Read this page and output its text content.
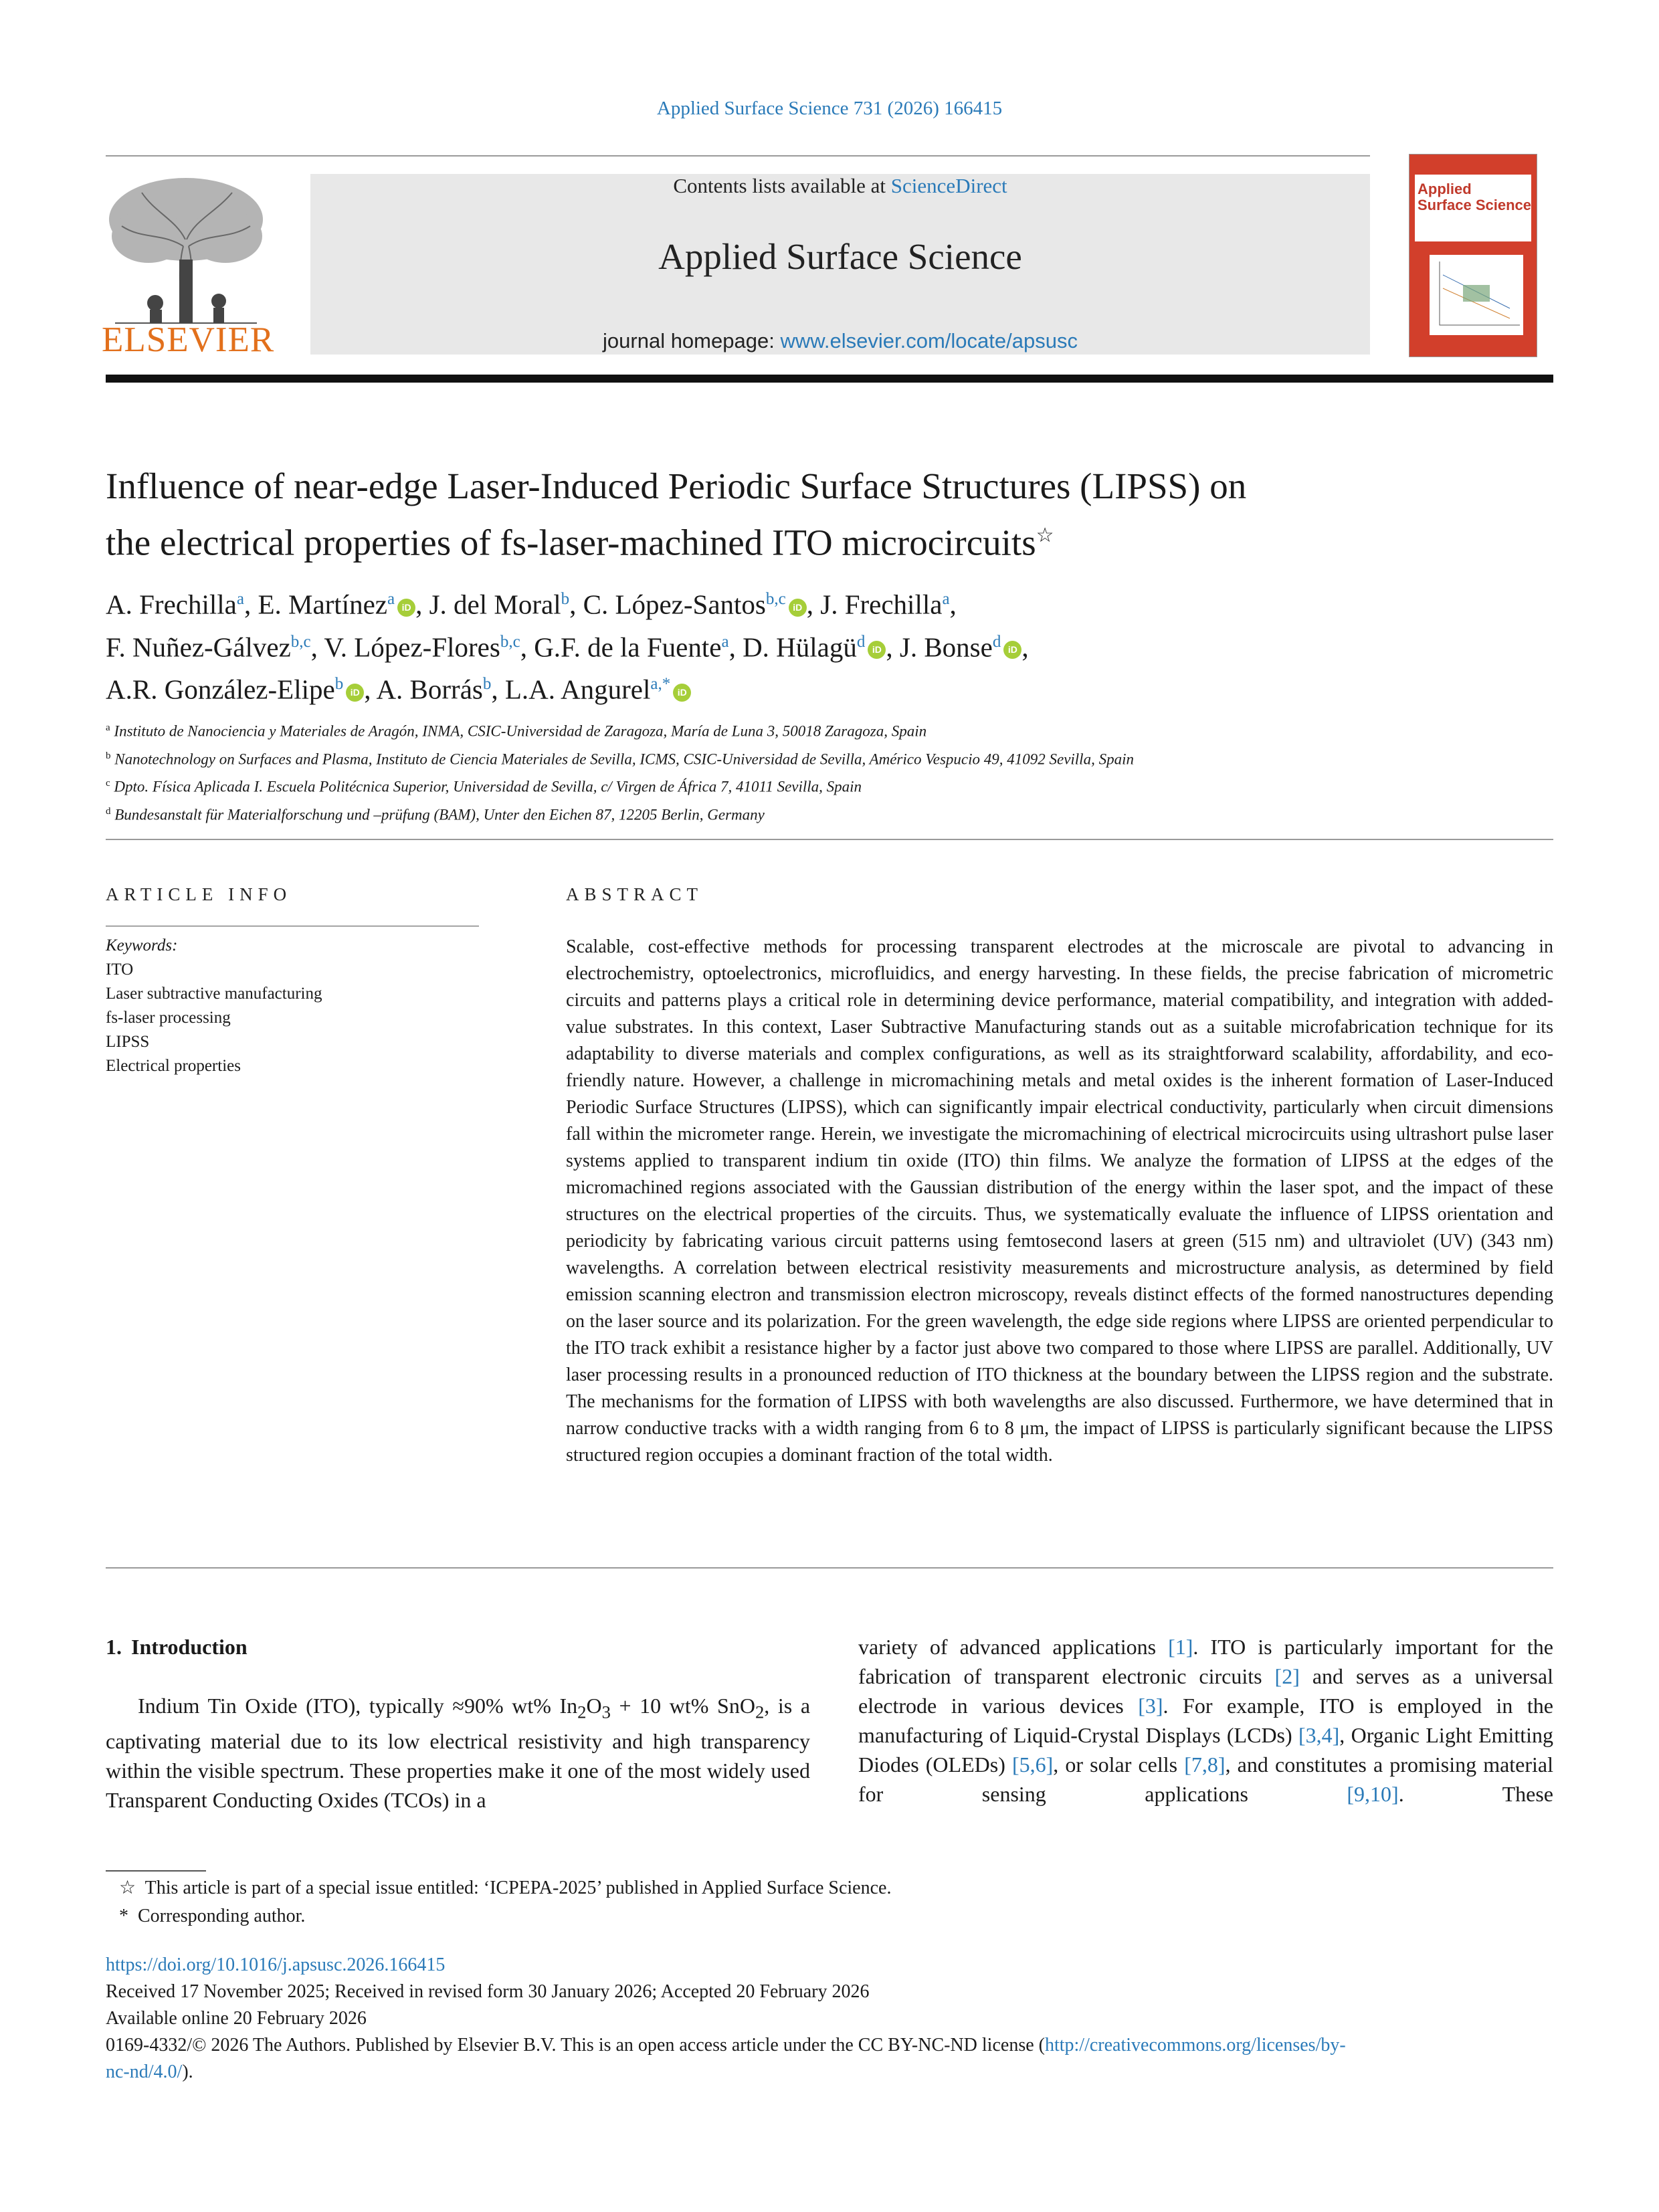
Applied Surface Science 731 (2026) 166415
ELSEVIER
Contents lists available at ScienceDirect
Applied Surface Science
journal homepage: www.elsevier.com/locate/apsusc
Applied
Surface Science
Influence of near-edge Laser-Induced Periodic Surface Structures (LIPSS) on
the electrical properties of fs-laser-machined ITO microcircuits☆
A. Frechilla$^a$, E. Martínez$^a$ iD , J. del Moral$^b$, C. López-Santos$^{b,c}$ iD , J. Frechilla$^a$,
F. Nuñez-Gálvez$^{b,c}$, V. López-Flores$^{b,c}$, G.F. de la Fuente$^a$, D. Hülagü$^d$ iD , J. Bonse$^d$ iD ,
A.R. González-Elipe$^b$ iD , A. Borrás$^b$, L.A. Angurel$^{a,*}$ iD
$^a$ Instituto de Nanociencia y Materiales de Aragón, INMA, CSIC-Universidad de Zaragoza, María de Luna 3, 50018 Zaragoza, Spain
$^b$ Nanotechnology on Surfaces and Plasma, Instituto de Ciencia Materiales de Sevilla, ICMS, CSIC-Universidad de Sevilla, Américo Vespucio 49, 41092 Sevilla, Spain
$^c$ Dpto. Física Aplicada I. Escuela Politécnica Superior, Universidad de Sevilla, c/ Virgen de África 7, 41011 Sevilla, Spain
$^d$ Bundesanstalt für Materialforschung und –prüfung (BAM), Unter den Eichen 87, 12205 Berlin, Germany
ARTICLE INFO
Keywords:
ITO
Laser subtractive manufacturing
fs-laser processing
LIPSS
Electrical properties
ABSTRACT
Scalable, cost-effective methods for processing transparent electrodes at the microscale are pivotal to advancing in electrochemistry, optoelectronics, microfluidics, and energy harvesting. In these fields, the precise fabrication of micrometric circuits and patterns plays a critical role in determining device performance, material compatibility, and integration with added-value substrates. In this context, Laser Subtractive Manufacturing stands out as a suitable microfabrication technique for its adaptability to diverse materials and complex configurations, as well as its straightforward scalability, affordability, and eco-friendly nature. However, a challenge in micromachining metals and metal oxides is the inherent formation of Laser-Induced Periodic Surface Structures (LIPSS), which can significantly impair electrical conductivity, particularly when circuit dimensions fall within the micrometer range. Herein, we investigate the micromachining of electrical microcircuits using ultrashort pulse laser systems applied to transparent indium tin oxide (ITO) thin films. We analyze the formation of LIPSS at the edges of the micromachined regions associated with the Gaussian distribution of the energy within the laser spot, and the impact of these structures on the electrical properties of the circuits. Thus, we systematically evaluate the influence of LIPSS orientation and periodicity by fabricating various circuit patterns using femtosecond lasers at green (515 nm) and ultraviolet (UV) (343 nm) wavelengths. A correlation between electrical resistivity measurements and microstructure analysis, as determined by field emission scanning electron and transmission electron microscopy, reveals distinct effects of the formed nanostructures depending on the laser source and its polarization. For the green wavelength, the edge side regions where LIPSS are oriented perpendicular to the ITO track exhibit a resistance higher by a factor just above two compared to those where LIPSS are parallel. Additionally, UV laser processing results in a pronounced reduction of ITO thickness at the boundary between the LIPSS region and the substrate. The mechanisms for the formation of LIPSS with both wavelengths are also discussed. Furthermore, we have determined that in narrow conductive tracks with a width ranging from 6 to 8 μm, the impact of LIPSS is particularly significant because the LIPSS structured region occupies a dominant fraction of the total width.
1. Introduction

Indium Tin Oxide (ITO), typically ≈90% wt% $In_2O_3 + 10$ wt% SnO$_2$, is a captivating material due to its low electrical resistivity and high transparency within the visible spectrum. These properties make it one of the most widely used Transparent Conducting Oxides (TCOs) in a

variety of advanced applications [1]. ITO is particularly important for the fabrication of transparent electronic circuits [2] and serves as a universal electrode in various devices [3]. For example, ITO is employed in the manufacturing of Liquid-Crystal Displays (LCDs) [3,4], Organic Light Emitting Diodes (OLEDs) [5,6], or solar cells [7,8], and constitutes a promising material for sensing applications [9,10]. These
☆ This article is part of a special issue entitled: ‘ICPEPA-2025’ published in Applied Surface Science.
* Corresponding author.
https://doi.org/10.1016/j.apsusc.2026.166415
Received 17 November 2025; Received in revised form 30 January 2026; Accepted 20 February 2026
Available online 20 February 2026
0169-4332/© 2026 The Authors. Published by Elsevier B.V. This is an open access article under the CC BY-NC-ND license (http://creativecommons.org/licenses/by-
nc-nd/4.0/).
